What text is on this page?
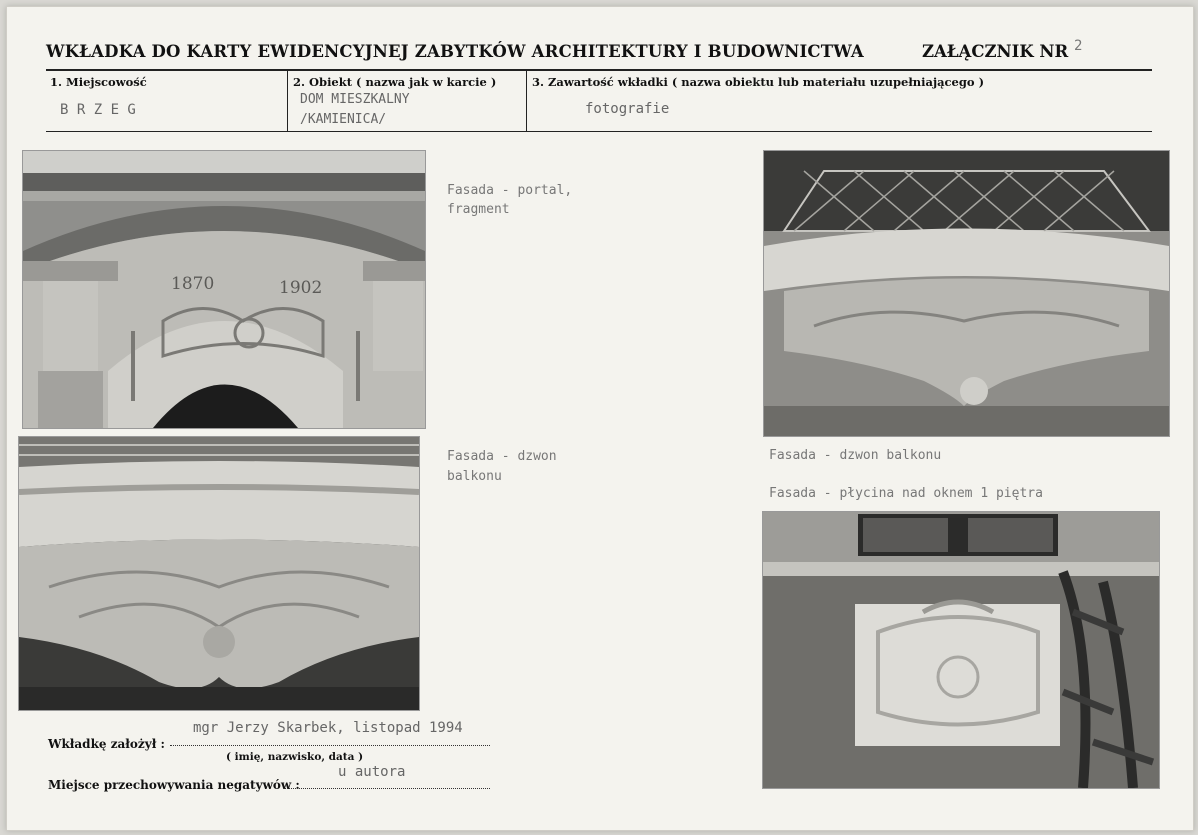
WKŁADKA DO KARTY EWIDENCYJNEJ ZABYTKÓW ARCHITEKTURY I BUDOWNICTWA	ZAŁĄCZNIK NR 2
1. Miejscowość
B R Z E G
2. Obiekt ( nazwa jak w karcie )
DOM MIESZKALNY
/KAMIENICA/
3. Zawartość wkładki ( nazwa obiektu lub materiału uzupełniającego )
fotografie
1870	1902
Fasada - portal,
fragment
Fasada - dzwon
balkonu
Fasada - dzwon balkonu
Fasada - płycina nad oknem 1 piętra
mgr Jerzy Skarbek, listopad 1994
Wkładkę założył :
( imię, nazwisko, data )
u autora
Miejsce przechowywania negatywów :
